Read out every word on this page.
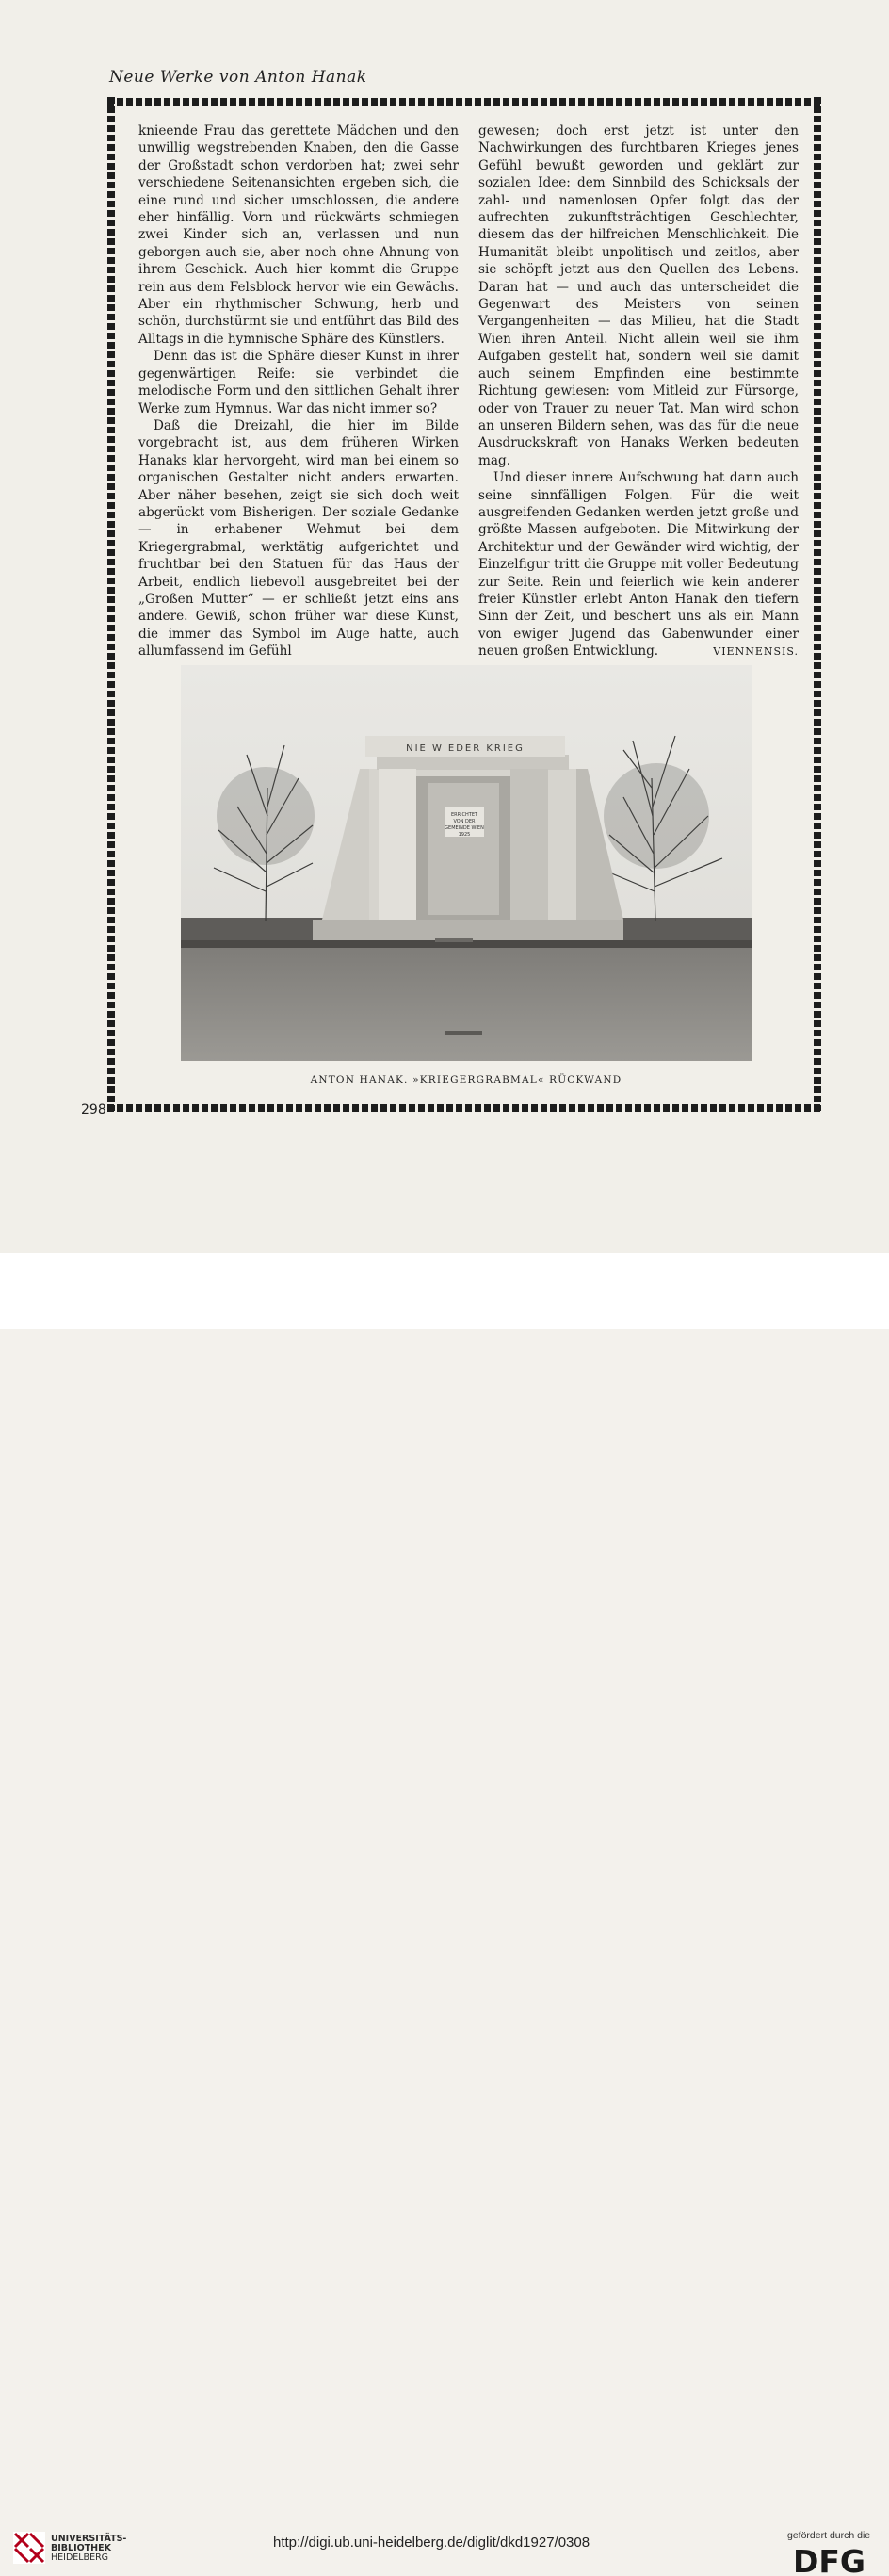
Neue Werke von Anton Hanak

knieende Frau das gerettete Mädchen und den unwillig wegstrebenden Knaben, den die Gasse der Großstadt schon verdorben hat; zwei sehr verschiedene Seitenansichten ergeben sich, die eine rund und sicher umschlossen, die andere eher hinfällig. Vorn und rückwärts schmiegen zwei Kinder sich an, verlassen und nun geborgen auch sie, aber noch ohne Ahnung von ihrem Geschick. Auch hier kommt die Gruppe rein aus dem Felsblock hervor wie ein Gewächs. Aber ein rhythmischer Schwung, herb und schön, durchstürmt sie und entführt das Bild des Alltags in die hymnische Sphäre des Künstlers.

Denn das ist die Sphäre dieser Kunst in ihrer gegenwärtigen Reife: sie verbindet die melodische Form und den sittlichen Gehalt ihrer Werke zum Hymnus. War das nicht immer so?

Daß die Dreizahl, die hier im Bilde vorgebracht ist, aus dem früheren Wirken Hanaks klar hervorgeht, wird man bei einem so organischen Gestalter nicht anders erwarten. Aber näher besehen, zeigt sie sich doch weit abgerückt vom Bisherigen. Der soziale Gedanke — in erhabener Wehmut bei dem Kriegergrabmal, werktätig aufgerichtet und fruchtbar bei den Statuen für das Haus der Arbeit, endlich liebevoll ausgebreitet bei der „Großen Mutter“ — er schließt jetzt eins ans andere. Gewiß, schon früher war diese Kunst, die immer das Symbol im Auge hatte, auch allumfassend im Gefühl

gewesen; doch erst jetzt ist unter den Nachwirkungen des furchtbaren Krieges jenes Gefühl bewußt geworden und geklärt zur sozialen Idee: dem Sinnbild des Schicksals der zahl- und namenlosen Opfer folgt das der aufrechten zukunftsträchtigen Geschlechter, diesem das der hilfreichen Menschlichkeit. Die Humanität bleibt unpolitisch und zeitlos, aber sie schöpft jetzt aus den Quellen des Lebens. Daran hat — und auch das unterscheidet die Gegenwart des Meisters von seinen Vergangenheiten — das Milieu, hat die Stadt Wien ihren Anteil. Nicht allein weil sie ihm Aufgaben gestellt hat, sondern weil sie damit auch seinem Empfinden eine bestimmte Richtung gewiesen: vom Mitleid zur Fürsorge, oder von Trauer zu neuer Tat. Man wird schon an unseren Bildern sehen, was das für die neue Ausdruckskraft von Hanaks Werken bedeuten mag.

Und dieser innere Aufschwung hat dann auch seine sinnfälligen Folgen. Für die weit ausgreifenden Gedanken werden jetzt große und größte Massen aufgeboten. Die Mitwirkung der Architektur und der Gewänder wird wichtig, der Einzelfigur tritt die Gruppe mit voller Bedeutung zur Seite. Rein und feierlich wie kein anderer freier Künstler erlebt Anton Hanak den tiefern Sinn der Zeit, und beschert uns als ein Mann von ewiger Jugend das Gabenwunder einer neuen großen Entwicklung.	VIENNENSIS.

NIE WIEDER KRIEG
ERRICHTET
VON DER
GEMEINDE WIEN
1925
ANTON HANAK. »KRIEGERGRABMAL« RÜCKWAND
298
UNIVERSITÄTS-
BIBLIOTHEK
HEIDELBERG
http://digi.ub.uni-heidelberg.de/diglit/dkd1927/0308	gefördert durch die
DFG
